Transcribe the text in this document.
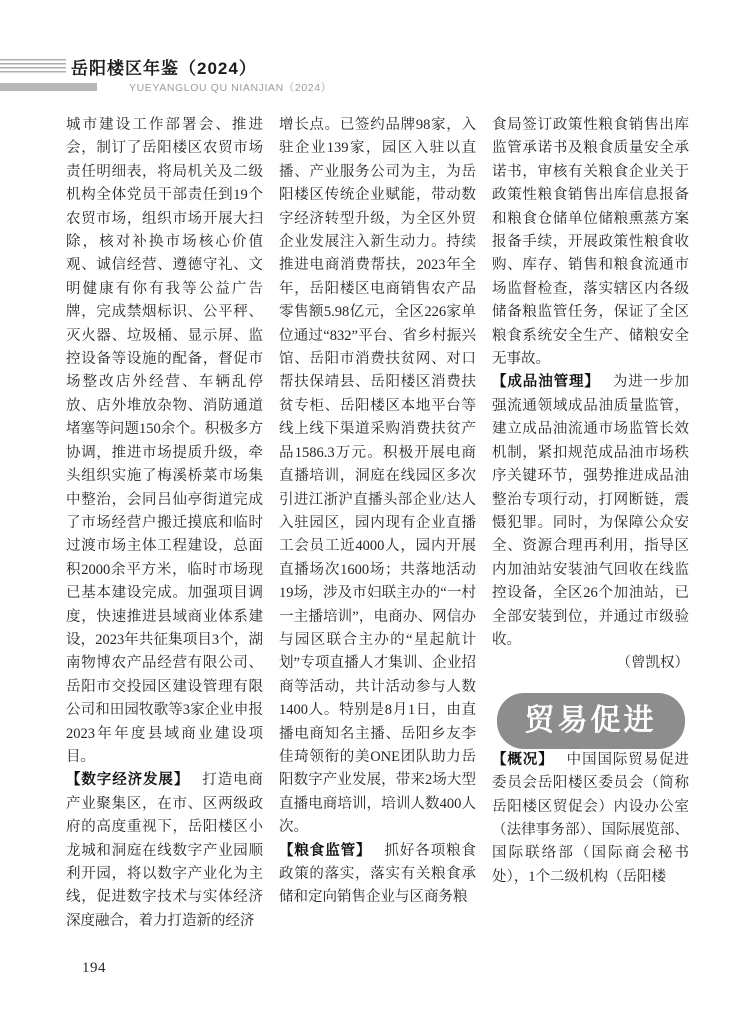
岳阳楼区年鉴（2024）
YUEYANGLOU QU NIANJIAN（2024）

城市建设工作部署会、推进会，制订了岳阳楼区农贸市场责任明细表，将局机关及二级机构全体党员干部责任到19个农贸市场，组织市场开展大扫除，核对补换市场核心价值观、诚信经营、遵德守礼、文明健康有你有我等公益广告牌，完成禁烟标识、公平秤、灭火器、垃圾桶、显示屏、监控设备等设施的配备，督促市场整改店外经营、车辆乱停放、店外堆放杂物、消防通道堵塞等问题150余个。积极多方协调，推进市场提质升级，牵头组织实施了梅溪桥菜市场集中整治，会同吕仙亭街道完成了市场经营户搬迁摸底和临时过渡市场主体工程建设，总面积2000余平方米，临时市场现已基本建设完成。加强项目调度，快速推进县域商业体系建设，2023年共征集项目3个，湖南物博农产品经营有限公司、岳阳市交投园区建设管理有限公司和田园牧歌等3家企业申报2023年年度县域商业建设项目。

【数字经济发展】 打造电商产业聚集区，在市、区两级政府的高度重视下，岳阳楼区小龙城和洞庭在线数字产业园顺利开园，将以数字产业化为主线，促进数字技术与实体经济深度融合，着力打造新的经济

增长点。已签约品牌98家，入驻企业139家，园区入驻以直播、产业服务公司为主，为岳阳楼区传统企业赋能，带动数字经济转型升级，为全区外贸企业发展注入新生动力。持续推进电商消费帮扶，2023年全年，岳阳楼区电商销售农产品零售额5.98亿元，全区226家单位通过“832”平台、省乡村振兴馆、岳阳市消费扶贫网、对口帮扶保靖县、岳阳楼区消费扶贫专柜、岳阳楼区本地平台等线上线下渠道采购消费扶贫产品1586.3万元。积极开展电商直播培训，洞庭在线园区多次引进江浙沪直播头部企业/达人入驻园区，园内现有企业直播工会员工近4000人，园内开展直播场次1600场；共落地活动19场，涉及市妇联主办的“一村一主播培训”，电商办、网信办与园区联合主办的“星起航计划”专项直播人才集训、企业招商等活动，共计活动参与人数1400人。特别是8月1日，由直播电商知名主播、岳阳乡友李佳琦领衔的美ONE团队助力岳阳数字产业发展，带来2场大型直播电商培训，培训人数400人次。

【粮食监管】 抓好各项粮食政策的落实，落实有关粮食承储和定向销售企业与区商务粮

食局签订政策性粮食销售出库监管承诺书及粮食质量安全承诺书，审核有关粮食企业关于政策性粮食销售出库信息报备和粮食仓储单位储粮熏蒸方案报备手续，开展政策性粮食收购、库存、销售和粮食流通市场监督检查，落实辖区内各级储备粮监管任务，保证了全区粮食系统安全生产、储粮安全无事故。

【成品油管理】 为进一步加强流通领域成品油质量监管，建立成品油流通市场监管长效机制，紧扣规范成品油市场秩序关键环节，强势推进成品油整治专项行动，打网断链，震慑犯罪。同时，为保障公众安全、资源合理再利用，指导区内加油站安装油气回收在线监控设备，全区26个加油站，已全部安装到位，并通过市级验收。

（曾凯权）

贸易促进

【概况】 中国国际贸易促进委员会岳阳楼区委员会（简称岳阳楼区贸促会）内设办公室（法律事务部）、国际展览部、国际联络部（国际商会秘书处），1个二级机构（岳阳楼

194
